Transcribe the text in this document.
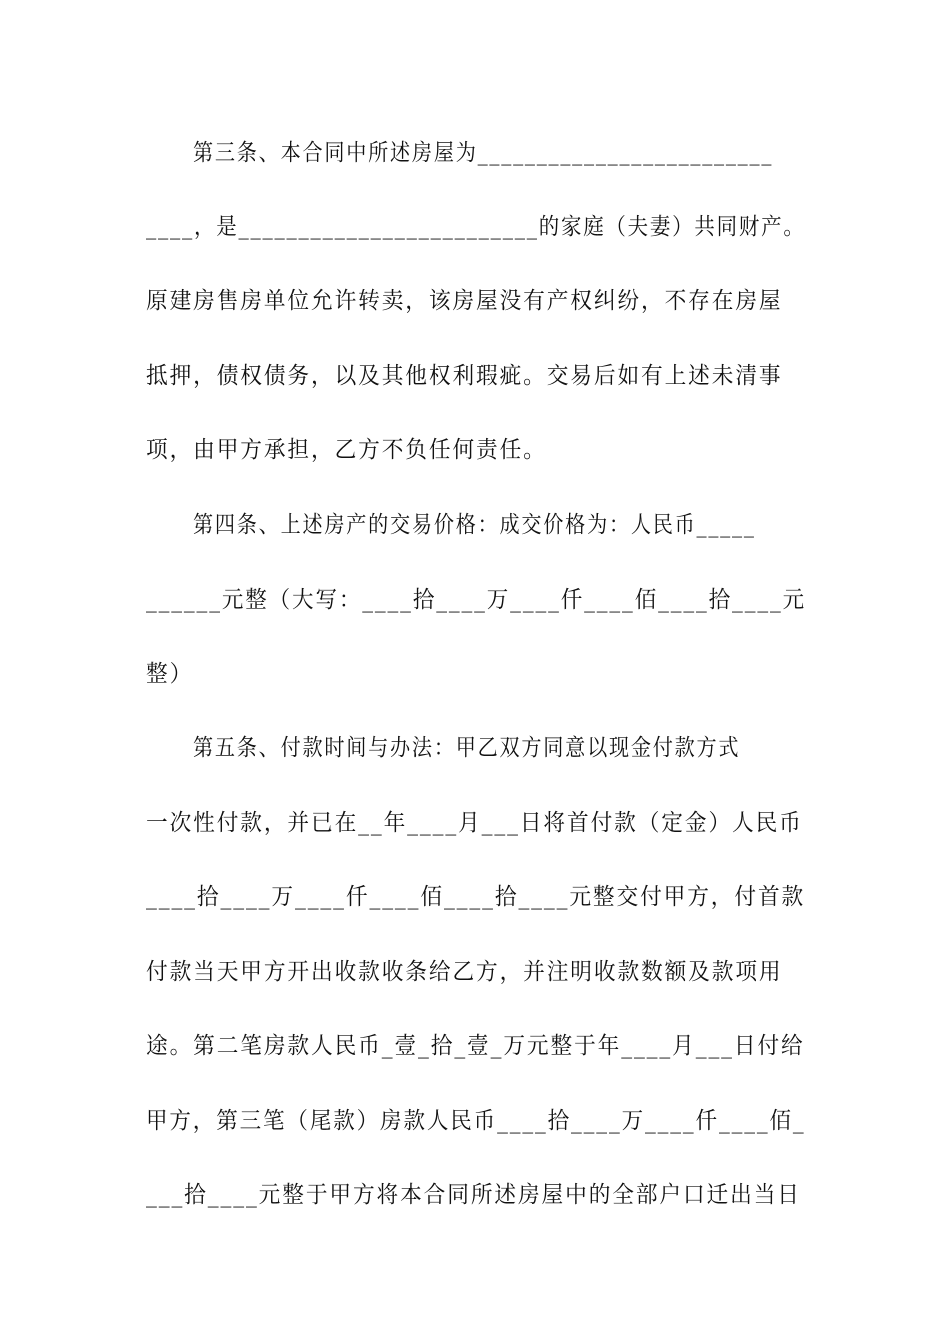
第三条、本合同中所述房屋为_________________________
____，是_________________________的家庭（夫妻）共同财产。
原建房售房单位允许转卖，该房屋没有产权纠纷，不存在房屋
抵押，债权债务，以及其他权利瑕疵。交易后如有上述未清事
项，由甲方承担，乙方不负任何责任。
第四条、上述房产的交易价格：成交价格为：人民币_____
______元整（大写：____拾____万____仟____佰____拾____元
整）
第五条、付款时间与办法：甲乙双方同意以现金付款方式
一次性付款，并已在__年____月___日将首付款（定金）人民币
____拾____万____仟____佰____拾____元整交付甲方，付首款
付款当天甲方开出收款收条给乙方，并注明收款数额及款项用
途。第二笔房款人民币_壹_拾_壹_万元整于年____月___日付给
甲方，第三笔（尾款）房款人民币____拾____万____仟____佰_
___拾____元整于甲方将本合同所述房屋中的全部户口迁出当日
